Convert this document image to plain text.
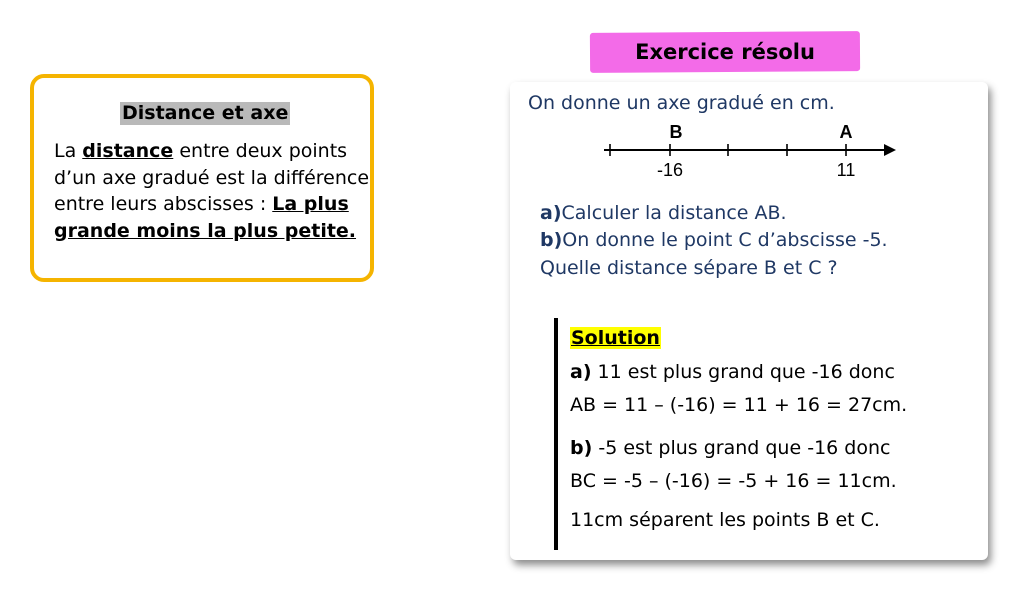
Distance et axe
La distance entre deux points d’un axe gradué est la différence entre leurs abscisses : La plus grande moins la plus petite.
Exercice résolu
On donne un axe gradué en cm.
B	A
-16	11
a)Calculer la distance AB.
b)On donne le point C d’abscisse -5.
Quelle distance sépare B et C ?
Solution
a) 11 est plus grand que -16 donc
AB = 11 – (-16) = 11 + 16 = 27cm.
b) -5 est plus grand que -16 donc
BC = -5 – (-16) = -5 + 16 = 11cm.
11cm séparent les points B et C.
